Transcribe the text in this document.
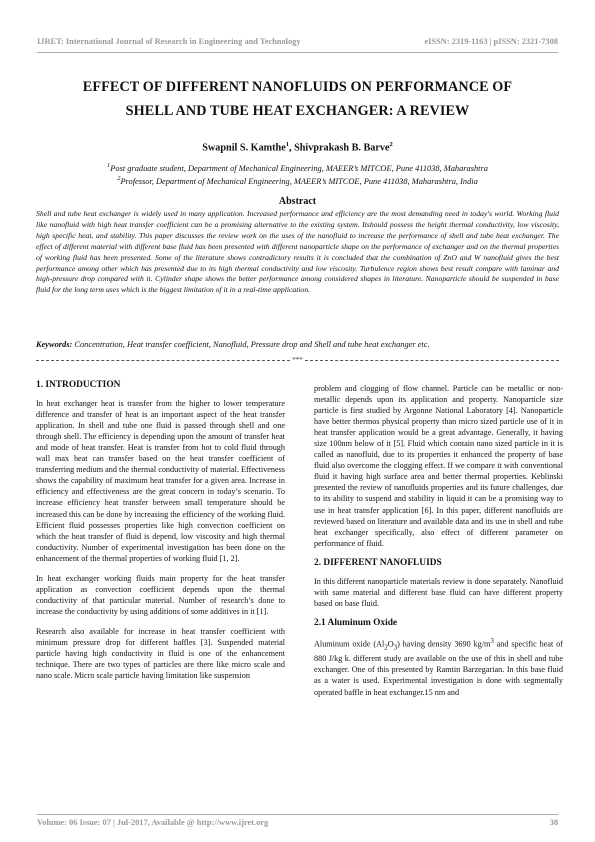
IJRET: International Journal of Research in Engineering and Technology	eISSN: 2319-1163 | pISSN: 2321-7308
EFFECT OF DIFFERENT NANOFLUIDS ON PERFORMANCE OF
SHELL AND TUBE HEAT EXCHANGER: A REVIEW
Swapnil S. Kamthe$^1$, Shivprakash B. Barve$^2$
$^1$Post graduate student, Department of Mechanical Engineering, MAEER’s MITCOE, Pune 411038, Maharashtra
$^2$Professor, Department of Mechanical Engineering, MAEER’s MITCOE, Pune 411038, Maharashtra, India
Abstract
Shell and tube heat exchanger is widely used in many application. Increased performance and efficiency are the most demanding need in today's world. Working fluid like nanofluid with high heat transfer coefficient can be a promising alternative to the existing system. Itshould possess the height thermal conductivity, low viscosity, high specific heat, and stability. This paper discusses the review work on the uses of the nanofluid to increase the performance of shell and tube heat exchanger. The effect of different material with different base fluid has been presented with different nanoparticle shape on the performance of exchanger and on the thermal properties of working fluid has been presented. Some of the literature shows contradictory results it is concluded that the combination of ZnO and W nanofluid gives the best performance among other which has presented due to its high thermal conductivity and low viscosity. Turbulence region shows best result compare with laminar and high-pressure drop compared with it. Cylinder shape shows the better performance among considered shapes in literature. Nanoparticle should be suspended in base fluid for the long term uses which is the biggest limitation of it in a real-time application.
Keywords: Concentration, Heat transfer coefficient, Nanofluid, Pressure drop and Shell and tube heat exchanger etc.
***
1. INTRODUCTION

In heat exchanger heat is transfer from the higher to lower temperature difference and transfer of heat is an important aspect of the heat transfer application. In shell and tube one fluid is passed through shell and one through shell. The efficiency is depending upon the amount of transfer heat and mode of heat transfer. Heat is transfer from hot to cold fluid through wall max heat can transfer based on the heat transfer coefficient of transferring medium and the thermal conductivity of material. Effectiveness shows the capability of maximum heat transfer for a given area. Increase in efficiency and effectiveness are the great concern in today’s scenario. To increase efficiency heat transfer between small temperature should be increased this can be done by increasing the efficiency of the working fluid. Efficient fluid possesses properties like high convection coefficient on which the heat transfer of fluid is depend, low viscosity and high thermal conductivity. Number of experimental investigation has been done on the enhancement of the thermal properties of working fluid [1, 2].

In heat exchanger working fluids main property for the heat transfer application as convection coefficient depends upon the thermal conductivity of that particular material. Number of research’s done to increase the conductivity by using additions of some additives in it [1].

Research also available for increase in heat transfer coefficient with minimum pressure drop for different baffles [3]. Suspended material particle having high conductivity in fluid is one of the enhancement technique. There are two types of particles are there like micro scale and nano scale. Micro scale particle having limitation like suspension

problem and clogging of flow channel. Particle can be metallic or non-metallic depends upon its application and property. Nanoparticle size particle is first studied by Argonne National Laboratory [4]. Nanoparticle have better thermos physical property than micro sized particle use of it in heat transfer application would be a great advantage. Generally, it having size 100nm below of it [5]. Fluid which contain nano sized particle in it is called as nanofluid, due to its properties it enhanced the property of base fluid also overcome the clogging effect. If we compare it with conventional fluid it having high surface area and better thermal properties. Keblinski presented the review of nanofluids properties and its future challenges, due to its ability to suspend and stability in liquid it can be a promising way to use in heat transfer application [6]. In this paper, different nanofluids are reviewed based on literature and available data and its use in shell and tube heat exchanger specifically, also effect of different parameter on performance of fluid.

2. DIFFERENT NANOFLUIDS

In this different nanoparticle materials review is done separately. Nanofluid with same material and different base fluid can have different property based on base fluid.

2.1 Aluminum Oxide

Aluminum oxide $(Al_2O_3)$ having density 3690 $kg/m^3$ and specific heat of 880 J/kg k. different study are available on the use of this in shell and tube exchanger. One of this presented by Ramtin Barzegarian. In this base fluid as a water is used. Experimental investigation is done with segmentally operated baffle in heat exchanger.15 nm and

Volume: 06 Issue: 07 | Jul-2017, Available @ http://www.ijret.org	38
